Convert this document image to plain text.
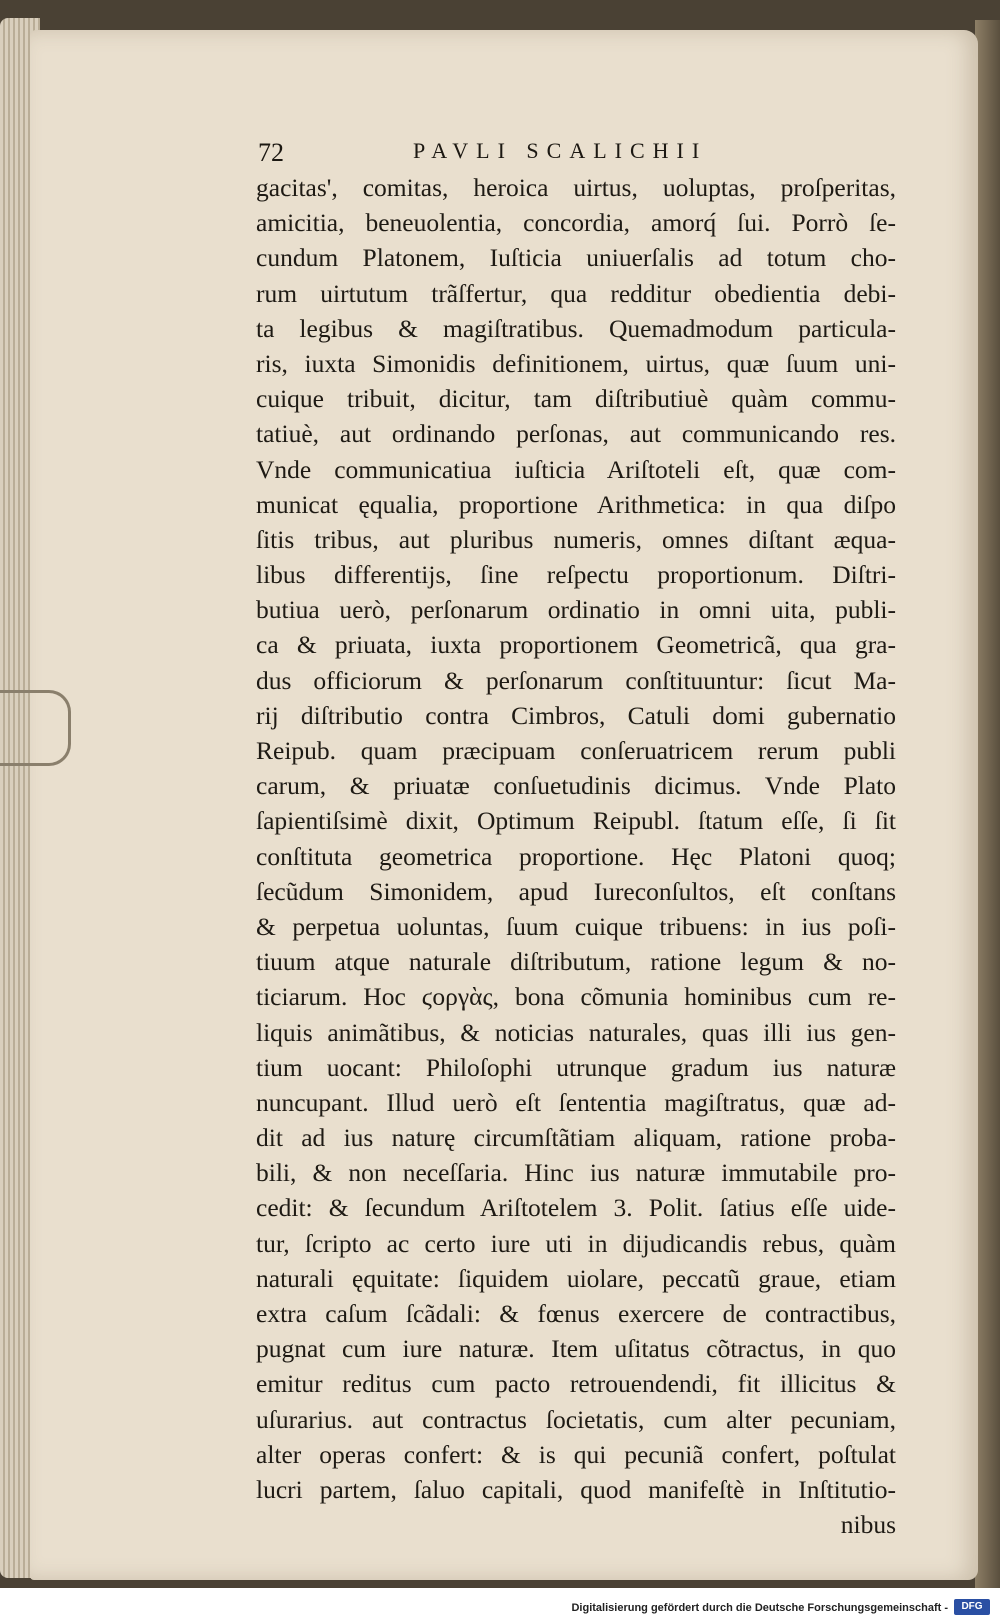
72	PAVLI SCALICHII
gacitas', comitas, heroica uirtus, uoluptas, proſperitas,
amicitia, beneuolentia, concordia, amorq́ ſui. Porrò ſe-
cundum Platonem, Iuſticia uniuerſalis ad totum cho-
rum uirtutum trãſfertur, qua redditur obedientia debi-
ta legibus & magiſtratibus. Quemadmodum particula-
ris, iuxta Simonidis definitionem, uirtus, quæ ſuum uni-
cuique tribuit, dicitur, tam diſtributiuè quàm commu-
tatiuè, aut ordinando perſonas, aut communicando res.
Vnde communicatiua iuſticia Ariſtoteli eſt, quæ com-
municat ęqualia, proportione Arithmetica: in qua diſpo
ſitis tribus, aut pluribus numeris, omnes diſtant æqua-
libus differentijs, ſine reſpectu proportionum. Diſtri-
butiua uerò, perſonarum ordinatio in omni uita, publi-
ca & priuata, iuxta proportionem Geometricã, qua gra-
dus officiorum & perſonarum conſtituuntur: ſicut Ma-
rij diſtributio contra Cimbros, Catuli domi gubernatio
Reipub. quam præcipuam conſeruatricem rerum publi
carum, & priuatæ conſuetudinis dicimus. Vnde Plato
ſapientiſsimè dixit, Optimum Reipubl. ſtatum eſſe, ſi ſit
conſtituta geometrica proportione. Hęc Platoni quoq;
ſecũdum Simonidem, apud Iureconſultos, eſt conſtans
& perpetua uoluntas, ſuum cuique tribuens: in ius poſi-
tiuum atque naturale diſtributum, ratione legum & no-
ticiarum. Hoc ϛοργὰς, bona cõmunia hominibus cum re-
liquis animãtibus, & noticias naturales, quas illi ius gen-
tium uocant: Philoſophi utrunque gradum ius naturæ
nuncupant. Illud uerò eſt ſententia magiſtratus, quæ ad-
dit ad ius naturę circumſtãtiam aliquam, ratione proba-
bili, & non neceſſaria. Hinc ius naturæ immutabile pro-
cedit: & ſecundum Ariſtotelem 3. Polit. ſatius eſſe uide-
tur, ſcripto ac certo iure uti in dijudicandis rebus, quàm
naturali ęquitate: ſiquidem uiolare, peccatũ graue, etiam
extra caſum ſcãdali: & fœnus exercere de contractibus,
pugnat cum iure naturæ. Item uſitatus cõtractus, in quo
emitur reditus cum pacto retrouendendi, fit illicitus &
uſurarius. aut contractus ſocietatis, cum alter pecuniam,
alter operas confert: & is qui pecuniã confert, poſtulat
lucri partem, ſaluo capitali, quod manifeſtè in Inſtitutio-
nibus
Digitalisierung gefördert durch die Deutsche Forschungsgemeinschaft -	DFG
